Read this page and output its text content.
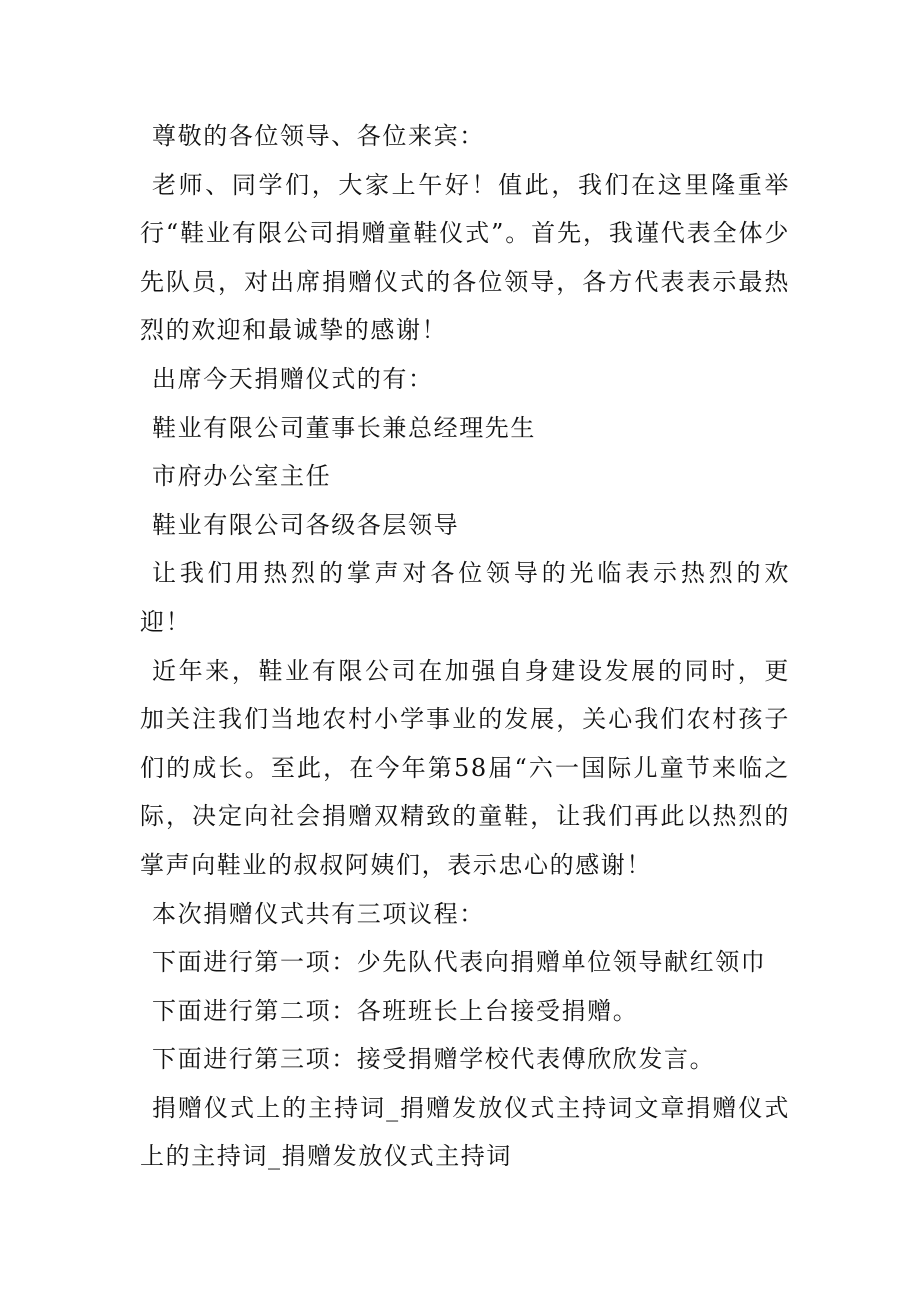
尊敬的各位领导、各位来宾：

老师、同学们，大家上午好！值此，我们在这里隆重举行“鞋业有限公司捐赠童鞋仪式”。首先，我谨代表全体少先队员，对出席捐赠仪式的各位领导，各方代表表示最热烈的欢迎和最诚挚的感谢！

出席今天捐赠仪式的有：

鞋业有限公司董事长兼总经理先生

市府办公室主任

鞋业有限公司各级各层领导

让我们用热烈的掌声对各位领导的光临表示热烈的欢迎！

近年来，鞋业有限公司在加强自身建设发展的同时，更加关注我们当地农村小学事业的发展，关心我们农村孩子们的成长。至此，在今年第58届“六一国际儿童节来临之际，决定向社会捐赠双精致的童鞋，让我们再此以热烈的掌声向鞋业的叔叔阿姨们，表示忠心的感谢！

本次捐赠仪式共有三项议程：

下面进行第一项：少先队代表向捐赠单位领导献红领巾

下面进行第二项：各班班长上台接受捐赠。

下面进行第三项：接受捐赠学校代表傅欣欣发言。

捐赠仪式上的主持词_捐赠发放仪式主持词文章捐赠仪式上的主持词_捐赠发放仪式主持词
